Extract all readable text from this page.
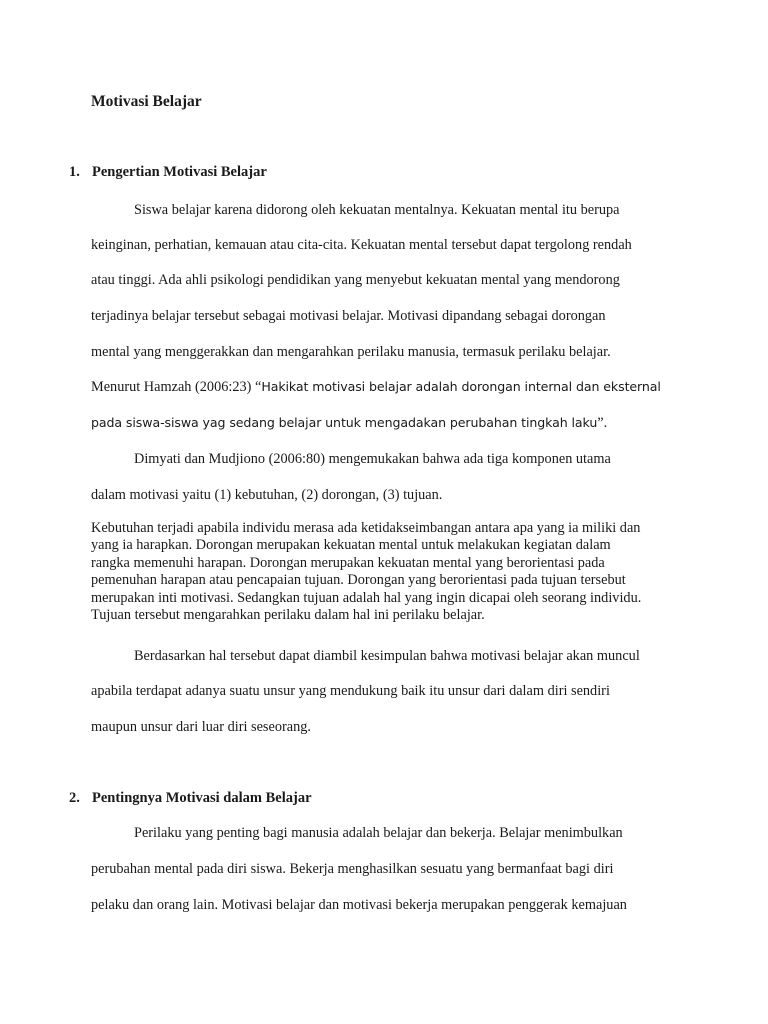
Motivasi Belajar
1. Pengertian Motivasi Belajar
Siswa belajar karena didorong oleh kekuatan mentalnya. Kekuatan mental itu berupa
keinginan, perhatian, kemauan atau cita-cita. Kekuatan mental tersebut dapat tergolong rendah
atau tinggi. Ada ahli psikologi pendidikan yang menyebut kekuatan mental yang mendorong
terjadinya belajar tersebut sebagai motivasi belajar. Motivasi dipandang sebagai dorongan
mental yang menggerakkan dan mengarahkan perilaku manusia, termasuk perilaku belajar.
Menurut Hamzah (2006:23) “Hakikat motivasi belajar adalah dorongan internal dan eksternal
pada siswa-siswa yag sedang belajar untuk mengadakan perubahan tingkah laku”.
Dimyati dan Mudjiono (2006:80) mengemukakan bahwa ada tiga komponen utama
dalam motivasi yaitu (1) kebutuhan, (2) dorongan, (3) tujuan.
Kebutuhan terjadi apabila individu merasa ada ketidakseimbangan antara apa yang ia miliki dan
yang ia harapkan. Dorongan merupakan kekuatan mental untuk melakukan kegiatan dalam
rangka memenuhi harapan. Dorongan merupakan kekuatan mental yang berorientasi pada
pemenuhan harapan atau pencapaian tujuan. Dorongan yang berorientasi pada tujuan tersebut
merupakan inti motivasi. Sedangkan tujuan adalah hal yang ingin dicapai oleh seorang individu.
Tujuan tersebut mengarahkan perilaku dalam hal ini perilaku belajar.
Berdasarkan hal tersebut dapat diambil kesimpulan bahwa motivasi belajar akan muncul
apabila terdapat adanya suatu unsur yang mendukung baik itu unsur dari dalam diri sendiri
maupun unsur dari luar diri seseorang.
2. Pentingnya Motivasi dalam Belajar
Perilaku yang penting bagi manusia adalah belajar dan bekerja. Belajar menimbulkan
perubahan mental pada diri siswa. Bekerja menghasilkan sesuatu yang bermanfaat bagi diri
pelaku dan orang lain. Motivasi belajar dan motivasi bekerja merupakan penggerak kemajuan
